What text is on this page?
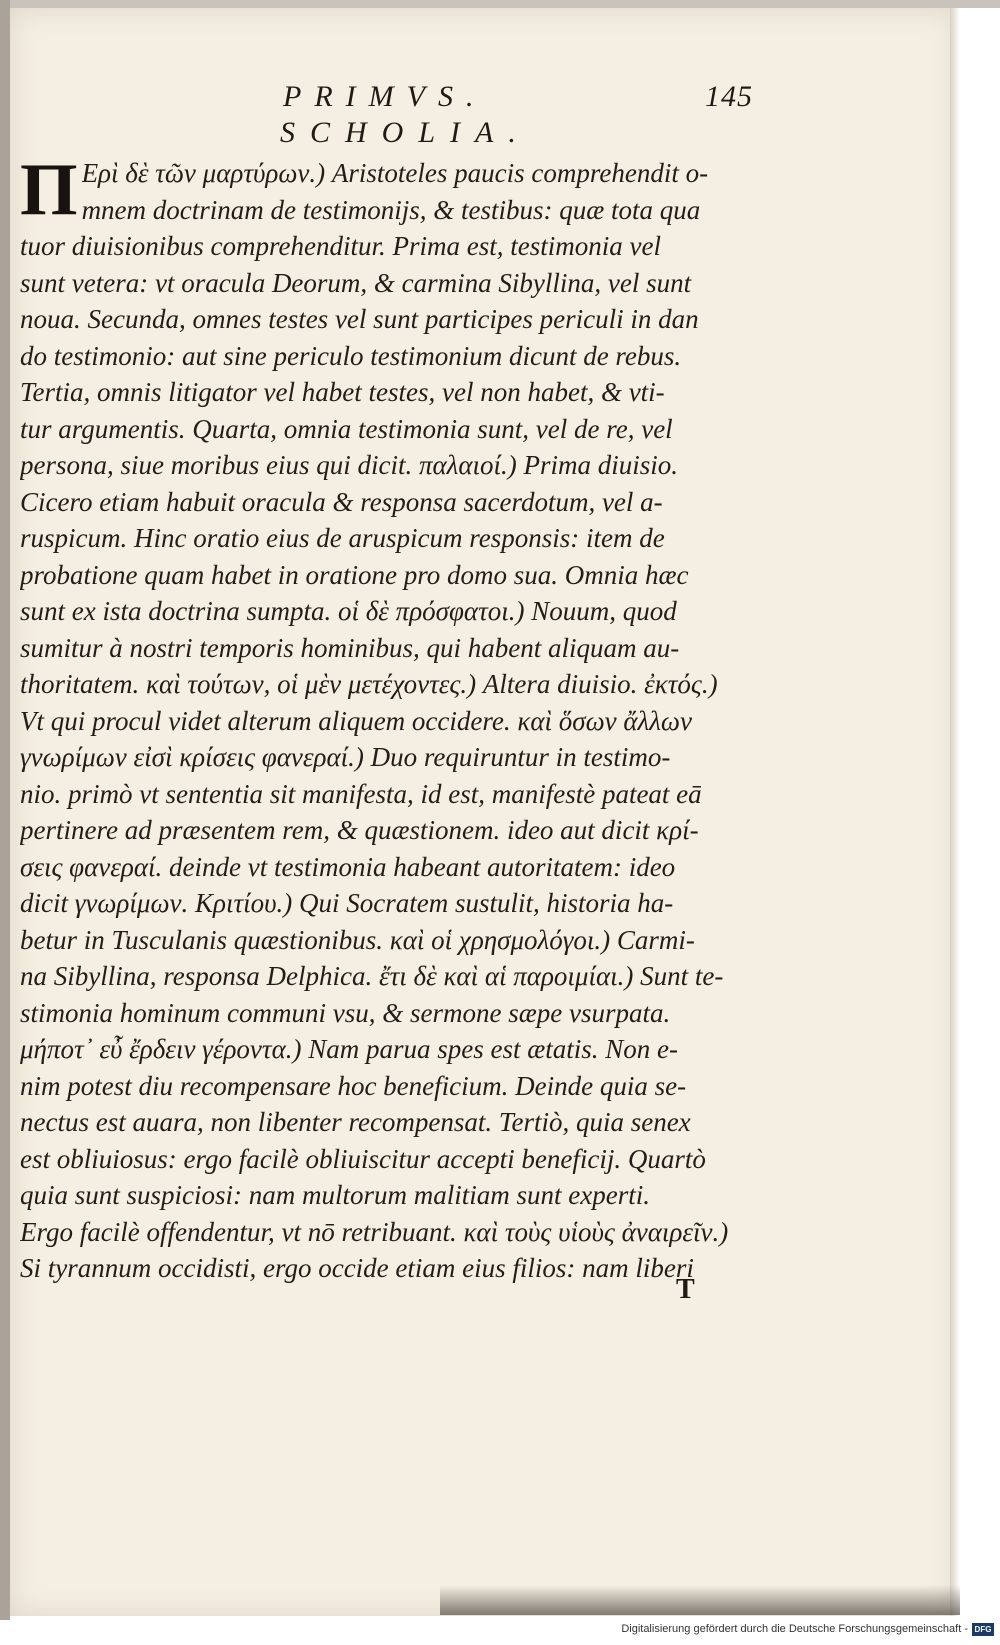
PRIMVS.	145
SCHOLIA.
Π Ερὶ δὲ τῶν μαρτύρων.) Aristoteles paucis comprehendit o-
mnem doctrinam de testimonijs, & testibus: quæ tota qua
tuor diuisionibus comprehenditur. Prima est, testimonia vel
sunt vetera: vt oracula Deorum, & carmina Sibyllina, vel sunt
noua. Secunda, omnes testes vel sunt participes periculi in dan
do testimonio: aut sine periculo testimonium dicunt de rebus.
Tertia, omnis litigator vel habet testes, vel non habet, & vti-
tur argumentis. Quarta, omnia testimonia sunt, vel de re, vel
persona, siue moribus eius qui dicit. παλαιοί.) Prima diuisio.
Cicero etiam habuit oracula & responsa sacerdotum, vel a-
ruspicum. Hinc oratio eius de aruspicum responsis: item de
probatione quam habet in oratione pro domo sua. Omnia hæc
sunt ex ista doctrina sumpta. οἱ δὲ πρόσφατοι.) Nouum, quod
sumitur à nostri temporis hominibus, qui habent aliquam au-
thoritatem. καὶ τούτων, οἱ μὲν μετέχοντες.) Altera diuisio. ἐκτός.)
Vt qui procul videt alterum aliquem occidere. καὶ ὅσων ἄλλων
γνωρίμων εἰσὶ κρίσεις φανεραί.) Duo requiruntur in testimo-
nio. primò vt sententia sit manifesta, id est, manifestè pateat eā
pertinere ad præsentem rem, & quæstionem. ideo aut dicit κρί-
σεις φανεραί. deinde vt testimonia habeant autoritatem: ideo
dicit γνωρίμων. Κριτίου.) Qui Socratem sustulit, historia ha-
betur in Tusculanis quæstionibus. καὶ οἱ χρησμολόγοι.) Carmi-
na Sibyllina, responsa Delphica. ἔτι δὲ καὶ αἱ παροιμίαι.) Sunt te-
stimonia hominum communi vsu, & sermone sæpe vsurpata.
μήποτ᾽ εὖ ἔρδειν γέροντα.) Nam parua spes est ætatis. Non e-
nim potest diu recompensare hoc beneficium. Deinde quia se-
nectus est auara, non libenter recompensat. Tertiò, quia senex
est obliuiosus: ergo facilè obliuiscitur accepti beneficij. Quartò
quia sunt suspiciosi: nam multorum malitiam sunt experti.
Ergo facilè offendentur, vt nō retribuant. καὶ τοὺς υἱοὺς ἀναιρεῖν.)
Si tyrannum occidisti, ergo occide etiam eius filios: nam liberi
T
Digitalisierung gefördert durch die Deutsche Forschungsgemeinschaft - DFG
